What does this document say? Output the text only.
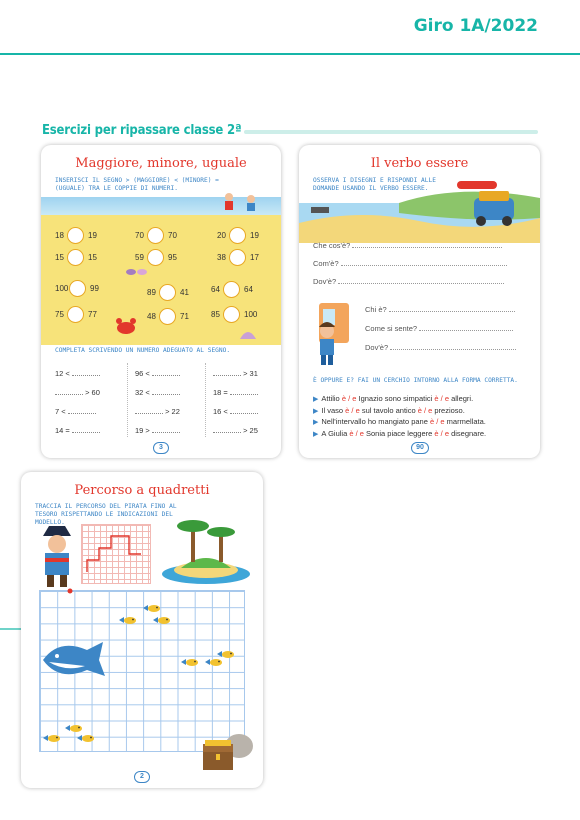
Giro 1A/2022
Esercizi per ripassare classe 2ª
Maggiore, minore, uguale
INSERISCI IL SEGNO > (MAGGIORE) < (MINORE) = (UGUALE) TRA LE COPPIE DI NUMERI.
COMPLETA SCRIVENDO UN NUMERO ADEGUATO AL SEGNO.
12 <	96 <	> 31
> 60	32 <	18 =
7 <	> 22	16 <
14 =	19 >	> 25
3
18	19	70	70	20	19
15	15	59	95	38	17
100	99	89	41	64	64
75	77	48	71	85	100
Il verbo essere
OSSERVA I DISEGNI E RISPONDI ALLE DOMANDE USANDO IL VERBO ESSERE.
Che cos'è?
Com'è?
Dov'è?
Chi è?
Come si sente?
Dov'è?
È OPPURE E? FAI UN CERCHIO INTORNO ALLA FORMA CORRETTA.
▶ Attilio è / e Ignazio sono simpatici è / e allegri.
▶ Il vaso è / e sul tavolo antico è / e prezioso.
▶ Nell'intervallo ho mangiato pane è / e marmellata.
▶ A Giulia è / e Sonia piace leggere è / e disegnare.
90
Percorso a quadretti
TRACCIA IL PERCORSO DEL PIRATA FINO AL TESORO RISPETTANDO LE INDICAZIONI DEL MODELLO.
2
